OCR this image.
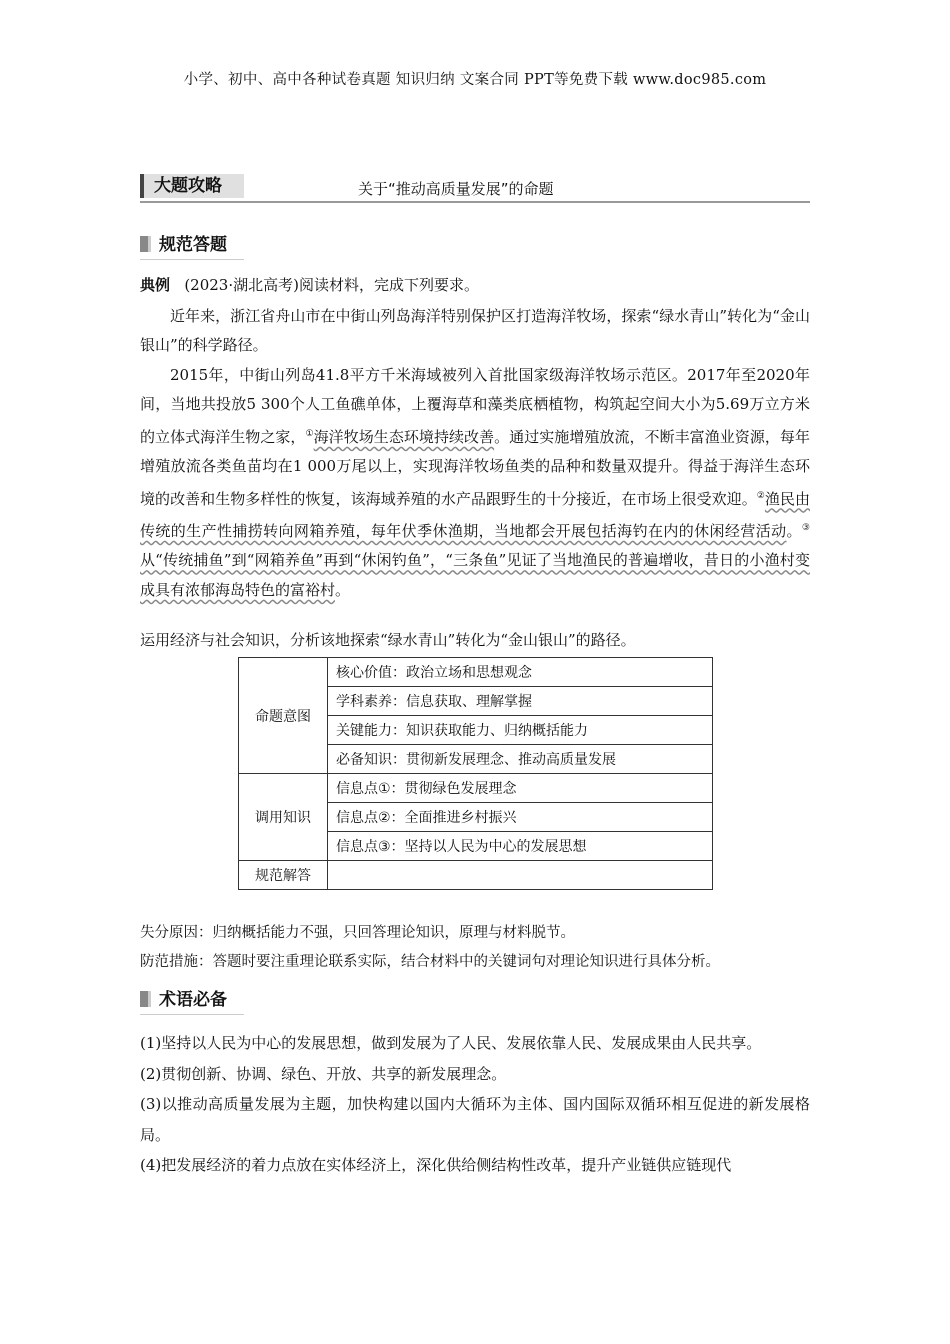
小学、初中、高中各种试卷真题 知识归纳 文案合同 PPT等免费下载 www.doc985.com
大题攻略	关于“推动高质量发展”的命题
规范答题
典例 (2023·湖北高考)阅读材料，完成下列要求。
近年来，浙江省舟山市在中街山列岛海洋特别保护区打造海洋牧场，探索“绿水青山”转化为“金山银山”的科学路径。
2015年，中街山列岛41.8平方千米海域被列入首批国家级海洋牧场示范区。2017年至2020年间，当地共投放5 300个人工鱼礁单体，上覆海草和藻类底栖植物，构筑起空间大小为5.69万立方米的立体式海洋生物之家，①海洋牧场生态环境持续改善。通过实施增殖放流，不断丰富渔业资源，每年增殖放流各类鱼苗均在1 000万尾以上，实现海洋牧场鱼类的品种和数量双提升。得益于海洋生态环境的改善和生物多样性的恢复，该海域养殖的水产品跟野生的十分接近，在市场上很受欢迎。②渔民由传统的生产性捕捞转向网箱养殖，每年伏季休渔期，当地都会开展包括海钓在内的休闲经营活动。③从“传统捕鱼”到“网箱养鱼”再到“休闲钓鱼”，“三条鱼”见证了当地渔民的普遍增收，昔日的小渔村变成具有浓郁海岛特色的富裕村。
运用经济与社会知识，分析该地探索“绿水青山”转化为“金山银山”的路径。
命题意图	核心价值：政治立场和思想观念
	学科素养：信息获取、理解掌握
	关键能力：知识获取能力、归纳概括能力
	必备知识：贯彻新发展理念、推动高质量发展
调用知识	信息点①：贯彻绿色发展理念
	信息点②：全面推进乡村振兴
	信息点③：坚持以人民为中心的发展思想
规范解答	
失分原因：归纳概括能力不强，只回答理论知识，原理与材料脱节。
防范措施：答题时要注重理论联系实际，结合材料中的关键词句对理论知识进行具体分析。
术语必备
(1)坚持以人民为中心的发展思想，做到发展为了人民、发展依靠人民、发展成果由人民共享。
(2)贯彻创新、协调、绿色、开放、共享的新发展理念。
(3)以推动高质量发展为主题，加快构建以国内大循环为主体、国内国际双循环相互促进的新发展格局。
(4)把发展经济的着力点放在实体经济上，深化供给侧结构性改革，提升产业链供应链现代
